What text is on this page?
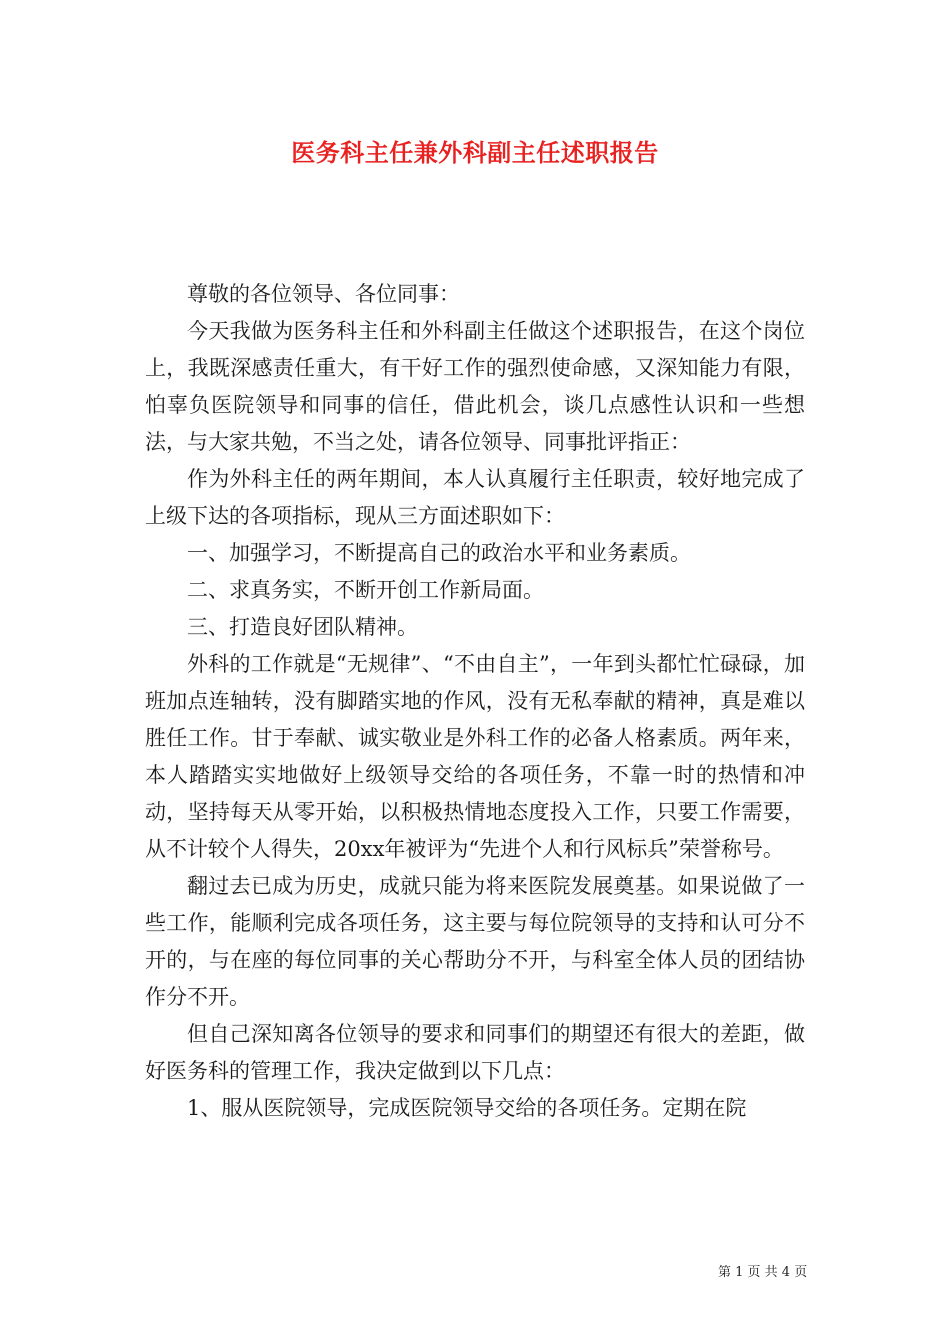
医务科主任兼外科副主任述职报告

尊敬的各位领导、各位同事：

今天我做为医务科主任和外科副主任做这个述职报告，在这个岗位上，我既深感责任重大，有干好工作的强烈使命感，又深知能力有限，怕辜负医院领导和同事的信任，借此机会，谈几点感性认识和一些想法，与大家共勉，不当之处，请各位领导、同事批评指正：

作为外科主任的两年期间，本人认真履行主任职责，较好地完成了上级下达的各项指标，现从三方面述职如下：

一、加强学习，不断提高自己的政治水平和业务素质。

二、求真务实，不断开创工作新局面。

三、打造良好团队精神。

外科的工作就是“无规律”、“不由自主”，一年到头都忙忙碌碌，加班加点连轴转，没有脚踏实地的作风，没有无私奉献的精神，真是难以胜任工作。甘于奉献、诚实敬业是外科工作的必备人格素质。两年来，本人踏踏实实地做好上级领导交给的各项任务，不靠一时的热情和冲动，坚持每天从零开始，以积极热情地态度投入工作，只要工作需要，从不计较个人得失，20xx年被评为“先进个人和行风标兵”荣誉称号。

翻过去已成为历史，成就只能为将来医院发展奠基。如果说做了一些工作，能顺利完成各项任务，这主要与每位院领导的支持和认可分不开的，与在座的每位同事的关心帮助分不开，与科室全体人员的团结协作分不开。

但自己深知离各位领导的要求和同事们的期望还有很大的差距，做好医务科的管理工作，我决定做到以下几点：

1、服从医院领导，完成医院领导交给的各项任务。定期在院

第 1 页 共 4 页
